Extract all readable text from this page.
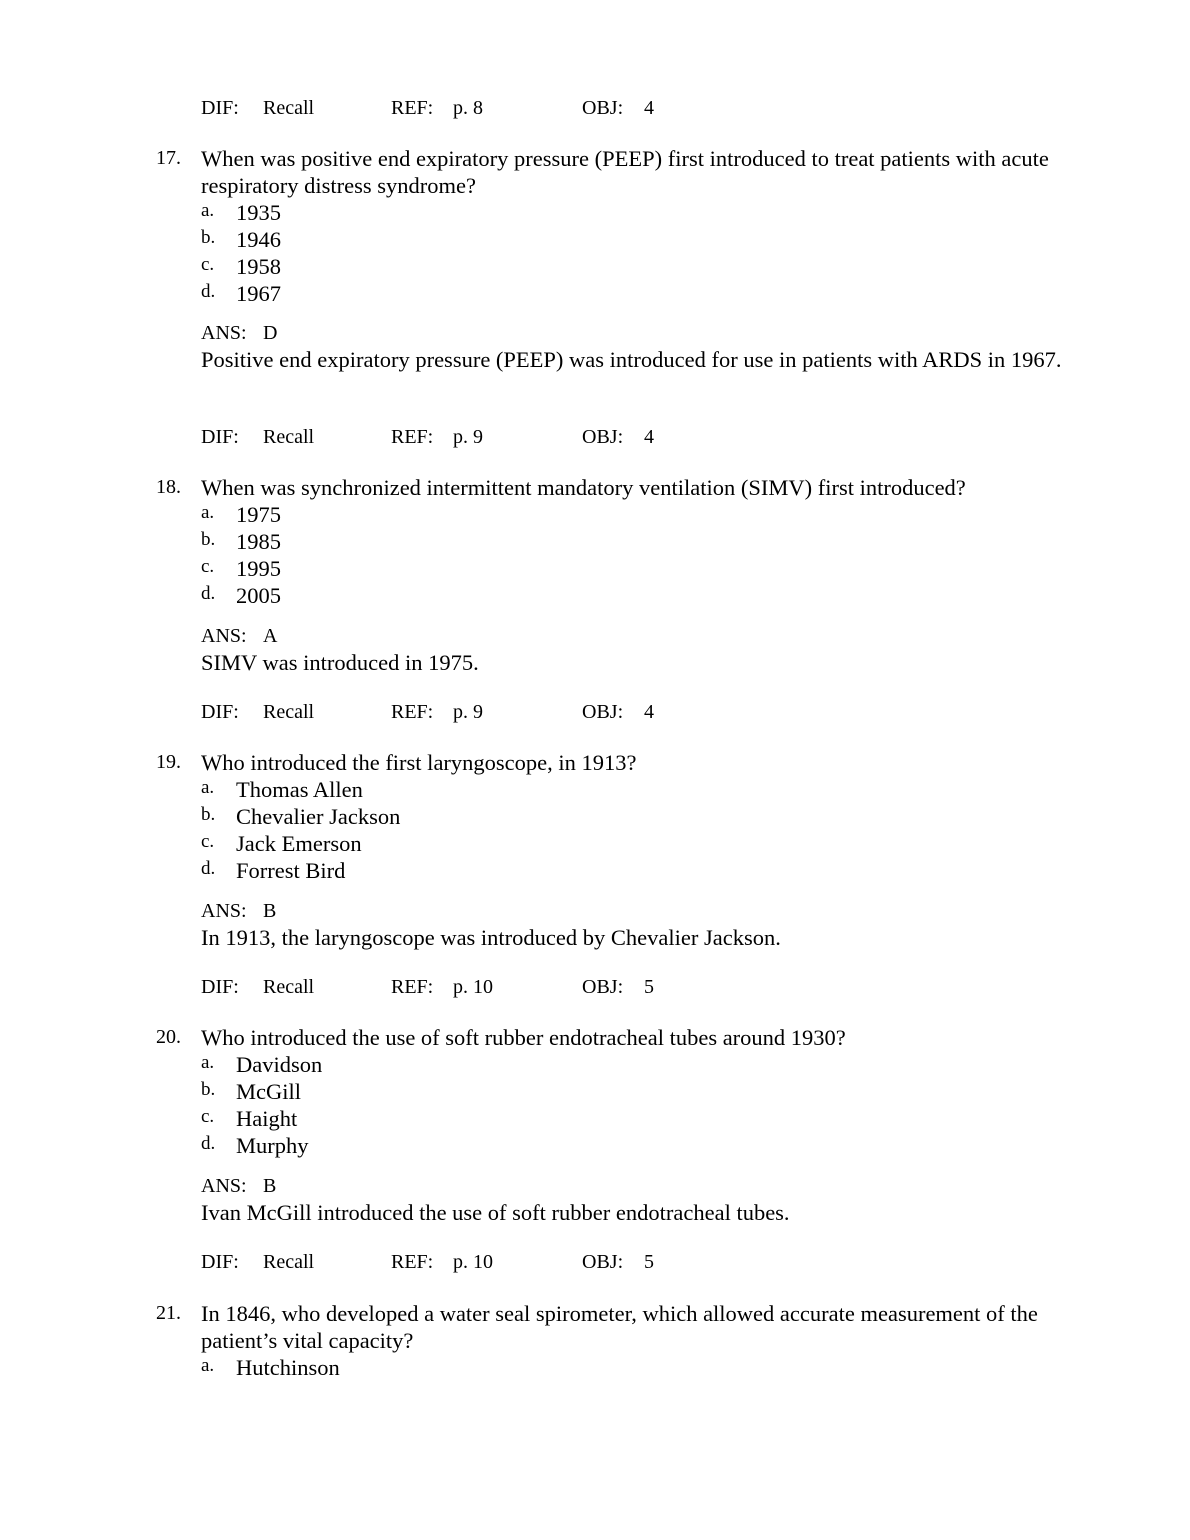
DIF: Recall	REF: p. 8	OBJ: 4
17. When was positive end expiratory pressure (PEEP) first introduced to treat patients with acute respiratory distress syndrome?
a. 1935
b. 1946
c. 1958
d. 1967
ANS: D
Positive end expiratory pressure (PEEP) was introduced for use in patients with ARDS in 1967.
DIF: Recall	REF: p. 9	OBJ: 4
18. When was synchronized intermittent mandatory ventilation (SIMV) first introduced?
a. 1975
b. 1985
c. 1995
d. 2005
ANS: A
SIMV was introduced in 1975.
DIF: Recall	REF: p. 9	OBJ: 4
19. Who introduced the first laryngoscope, in 1913?
a. Thomas Allen
b. Chevalier Jackson
c. Jack Emerson
d. Forrest Bird
ANS: B
In 1913, the laryngoscope was introduced by Chevalier Jackson.
DIF: Recall	REF: p. 10	OBJ: 5
20. Who introduced the use of soft rubber endotracheal tubes around 1930?
a. Davidson
b. McGill
c. Haight
d. Murphy
ANS: B
Ivan McGill introduced the use of soft rubber endotracheal tubes.
DIF: Recall	REF: p. 10	OBJ: 5
21. In 1846, who developed a water seal spirometer, which allowed accurate measurement of the patient’s vital capacity?
a. Hutchinson
